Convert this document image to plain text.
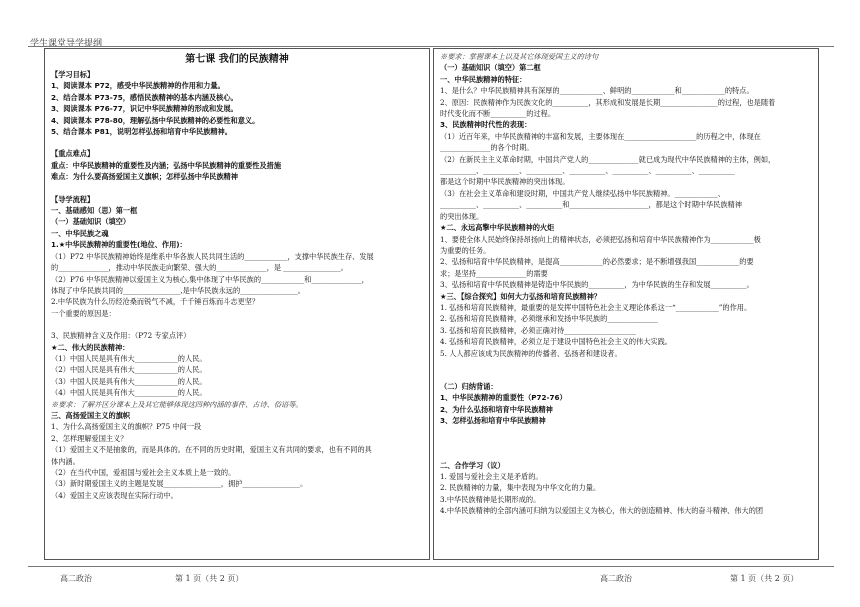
学生课堂导学提纲
第七课 我们的民族精神
【学习目标】
1、阅读课本 P72，感受中华民族精神的作用和力量。
2、结合课本 P73-75，感悟民族精神的基本内涵及核心。
3、阅读课本 P76-77，识记中华民族精神的形成和发展。
4、阅读课本 P78-80，理解弘扬中华民族精神的必要性和意义。
5、结合课本 P81，说明怎样弘扬和培育中华民族精神。
【重点难点】
重点：中华民族精神的重要性及内涵；弘扬中华民族精神的重要性及措施
难点：为什么要高扬爱国主义旗帜；怎样弘扬中华民族精神
【导学流程】
一、基础感知（思）第一框
（一）基础知识（填空）
一、中华民族之魂
1.★中华民族精神的重要性(地位、作用)：
（1）P72 中华民族精神始终是维系中华各族人民共同生活的____________，支撑中华民族生存、发展
的______________，推动中华民族走向繁荣、强大的______________，是 ________________。
（2）P76 中华民族精神以爱国主义为核心,集中体现了中华民族的____________和______________，
体现了中华民族共同的________________,是中华民族永远的________________。
2.中华民族为什么历经沧桑而锐气不减，千千锤百炼而斗志更坚？
一个重要的原因是：
3、民族精神含义及作用：（P72 专家点评）
★二、伟大的民族精神：
（1）中国人民是具有伟大____________的人民。
（2）中国人民是具有伟大____________的人民。
（3）中国人民是具有伟大____________的人民。
（4）中国人民是具有伟大____________的人民。
※要求：了解并区分课本上及其它能够体现这四种内涵的事件、古诗、俗语等。
三、高扬爱国主义的旗帜
1、为什么高扬爱国主义的旗帜？P75 中间一段
2、怎样理解爱国主义？
（1）爱国主义不是抽象的，而是具体的。在不同的历史时期，爱国主义有共同的要求，也有不同的具
体内涵。
（2）在当代中国，爱祖国与爱社会主义本质上是一致的。
（3）新时期爱国主义的主题是发展________________，拥护________________。
（4）爱国主义应该表现在实际行动中。
※要求：掌握课本上以及其它体现爱国主义的诗句
（一）基础知识（填空）第二框
一、中华民族精神的特征：
1、是什么？中华民族精神具有深厚的____________、鲜明的____________和____________的特点。
2、原因：民族精神作为民族文化的__________，其形成和发展是长期________________的过程，也是随着
时代变化而不断__________的过程。
3、民族精神时代性的表现：
（1）近百年来，中华民族精神的丰富和发展，主要体现在____________________的历程之中，体现在
______________的各个时期。
（2）在新民主主义革命时期，中国共产党人的______________就已成为现代中华民族精神的主体，例如，
__________、__________、__________、__________、__________、__________、__________
都是这个时期中华民族精神的突出体现。
（3）在社会主义革命和建设时期，中国共产党人继续弘扬中华民族精神。____________、
__________、__________、__________和______________________，都是这个时期中华民族精神
的突出体现。
★二、永远高擎中华民族精神的火炬
1、要使全体人民始终保持昂扬向上的精神状态，必须把弘扬和培育中华民族精神作为____________极
为重要的任务。
2、弘扬和培育中华民族精神，是提高____________的必然要求；是不断增强我国____________的要
求；是坚持______________的需要
3、弘扬和培育中华民族精神是铸造中华民族的__________，为中华民族的生存和发展__________。
★三、【综合探究】如何大力弘扬和培育民族精神？
1. 弘扬和培育民族精神，最重要的是发挥中国特色社会主义理论体系这一“____________”的作用。
2. 弘扬和培育民族精神，必须继承和发扬中华民族的______________
3. 弘扬和培育民族精神，必须正确对待____________________
4. 弘扬和培育民族精神，必须立足于建设中国特色社会主义的伟大实践。
5. 人人都应该成为民族精神的传播者、弘扬者和建设者。
（二）归纳背诵：
1、中华民族精神的重要性（P72-76）
2、为什么弘扬和培育中华民族精神
3、怎样弘扬和培育中华民族精神
二、合作学习（议）
1. 爱国与爱社会主义是矛盾的。
2. 民族精神的力量，集中表现为中华文化的力量。
3.中华民族精神是长期形成的。
4.中华民族精神的全部内涵可归纳为以爱国主义为核心，伟大的创造精神、伟大的奋斗精神、伟大的团
高二政治	第 1 页（共 2 页）	高二政治	第 1 页（共 2 页）
